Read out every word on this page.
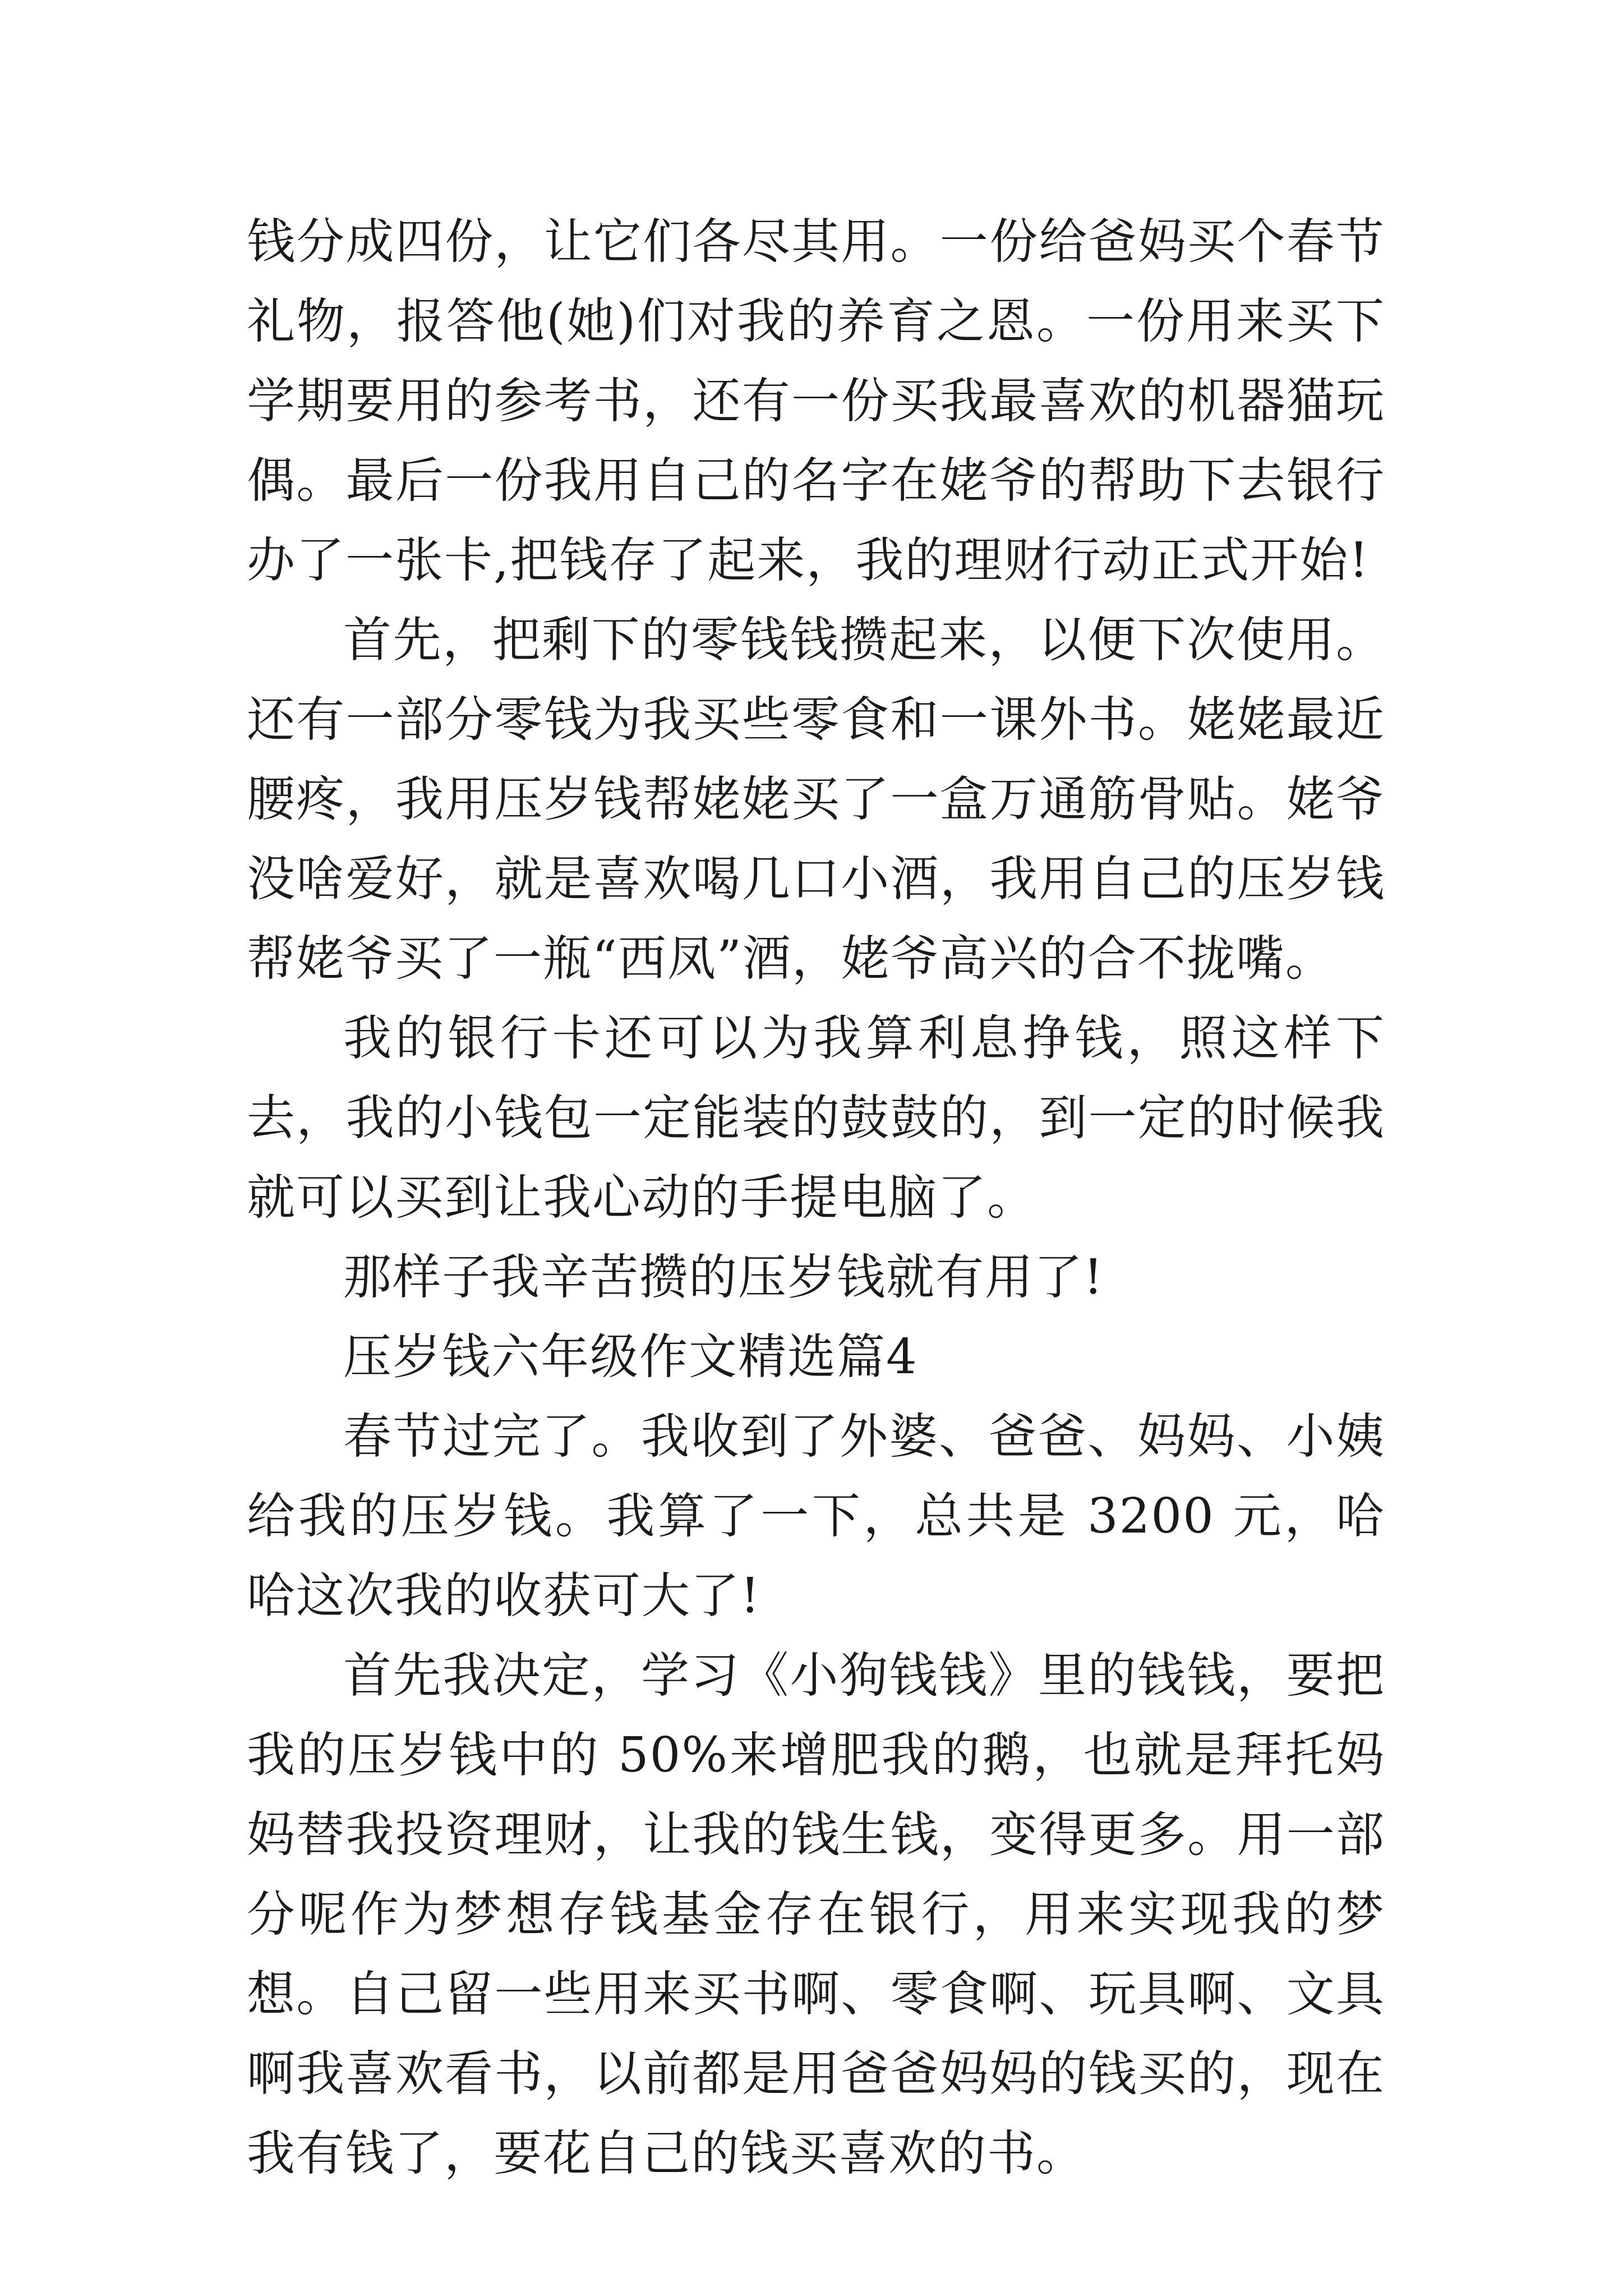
钱分成四份，让它们各尽其用。一份给爸妈买个春节礼物，报答他(她)们对我的养育之恩。一份用来买下学期要用的参考书，还有一份买我最喜欢的机器猫玩偶。最后一份我用自己的名字在姥爷的帮助下去银行办了一张卡,把钱存了起来，我的理财行动正式开始!

首先，把剩下的零钱钱攒起来，以便下次使用。还有一部分零钱为我买些零食和一课外书。姥姥最近腰疼，我用压岁钱帮姥姥买了一盒万通筋骨贴。姥爷没啥爱好，就是喜欢喝几口小酒，我用自己的压岁钱帮姥爷买了一瓶“西凤”酒，姥爷高兴的合不拢嘴。

我的银行卡还可以为我算利息挣钱，照这样下去，我的小钱包一定能装的鼓鼓的，到一定的时候我就可以买到让我心动的手提电脑了。

那样子我辛苦攒的压岁钱就有用了!

压岁钱六年级作文精选篇4

春节过完了。我收到了外婆、爸爸、妈妈、小姨给我的压岁钱。我算了一下，总共是 3200 元，哈哈这次我的收获可大了!

首先我决定，学习《小狗钱钱》里的钱钱，要把我的压岁钱中的 50%来增肥我的鹅，也就是拜托妈妈替我投资理财，让我的钱生钱，变得更多。用一部分呢作为梦想存钱基金存在银行，用来实现我的梦想。自己留一些用来买书啊、零食啊、玩具啊、文具啊我喜欢看书，以前都是用爸爸妈妈的钱买的，现在我有钱了，要花自己的钱买喜欢的书。
